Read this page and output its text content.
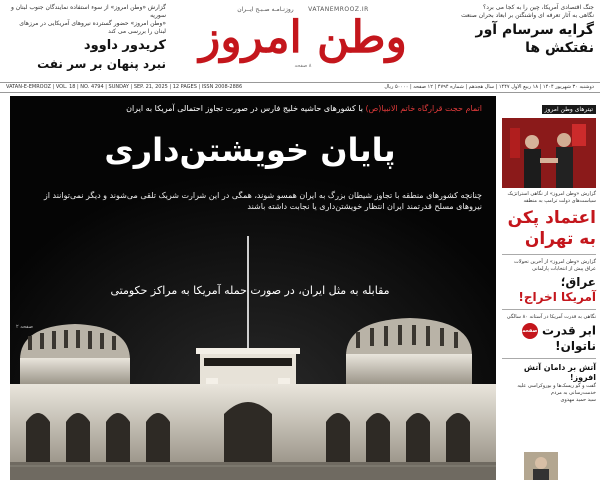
گزارش «وطن امروز» از سوء استفاده نمایندگان جنوب لبنان و سوریه
«وطن امروز» حضور گسترده نیروهای آمریکایی در مرزهای لبنان را بررسی می کند
کریدور داوود
نبرد پنهان بر سر نفت
VATANEMROOZ.IR روزنـامـه صـبـح ایــران
وطن امروز
۸ صفحه
جنگ اقتصادی آمریکا، چین را به کجا می برد؟
نگاهی به آثار تعرفه ای واشنگتن بر ابعاد بحران صنعت
گرایه سرسام آور
نفتکش ها
VATAN-E-EMROOZ | VOL. 18 | NO. 4794 | SUNDAY | SEP. 21, 2025 | 12 PAGES | ISSN 2008-2886	دوشنبه ۳۰ شهریور ۱۴۰۴ | ۱۸ ربیع الاول ۱۴۴۷ | سال هجدهم | شماره ۴۷۹۴ | ۱۲ صفحه | ۵۰۰۰۰ ریال
اتمام حجت قرارگاه خاتم الانبیا(ص) با کشورهای حاشیه خلیج فارس در صورت تجاوز احتمالی آمریکا به ایران
پایان خویشتن‌داری
چنانچه کشورهای منطقه با تجاوز شیطان بزرگ به ایران همسو شوند، همگی در این شرارت شریک تلقی می‌شوند و دیگر نمی‌توانند از نیروهای مسلح قدرتمند ایران انتظار خویشتن‌داری یا نجابت داشته باشند
مقابله به مثل ایران، در صورت حمله آمریکا به مراکز حکومتی
صفحه ۲
تیترهای وطن امروز
گزارش «وطن امروز» از نگاهی استراتژیک سیاست‌های دولت ترامپ به منطقه
اعتماد پکن
به تهران
گزارش «وطن امروز» از آخرین تحولات عراق پیش از انتخابات پارلمانی
عراق؛
آمریکا اخراج!
نگاهی به قدرت آمریکا در آستانه ۸۰ سالگی
ابر قدرت صفحه
ناتوان!
آتش بر دامان آتش افروز!
گفت و گو ریسک‌ها و بوروکراسی علیه خدمت‌رسانی به مردم
سید حمید مهدوی
